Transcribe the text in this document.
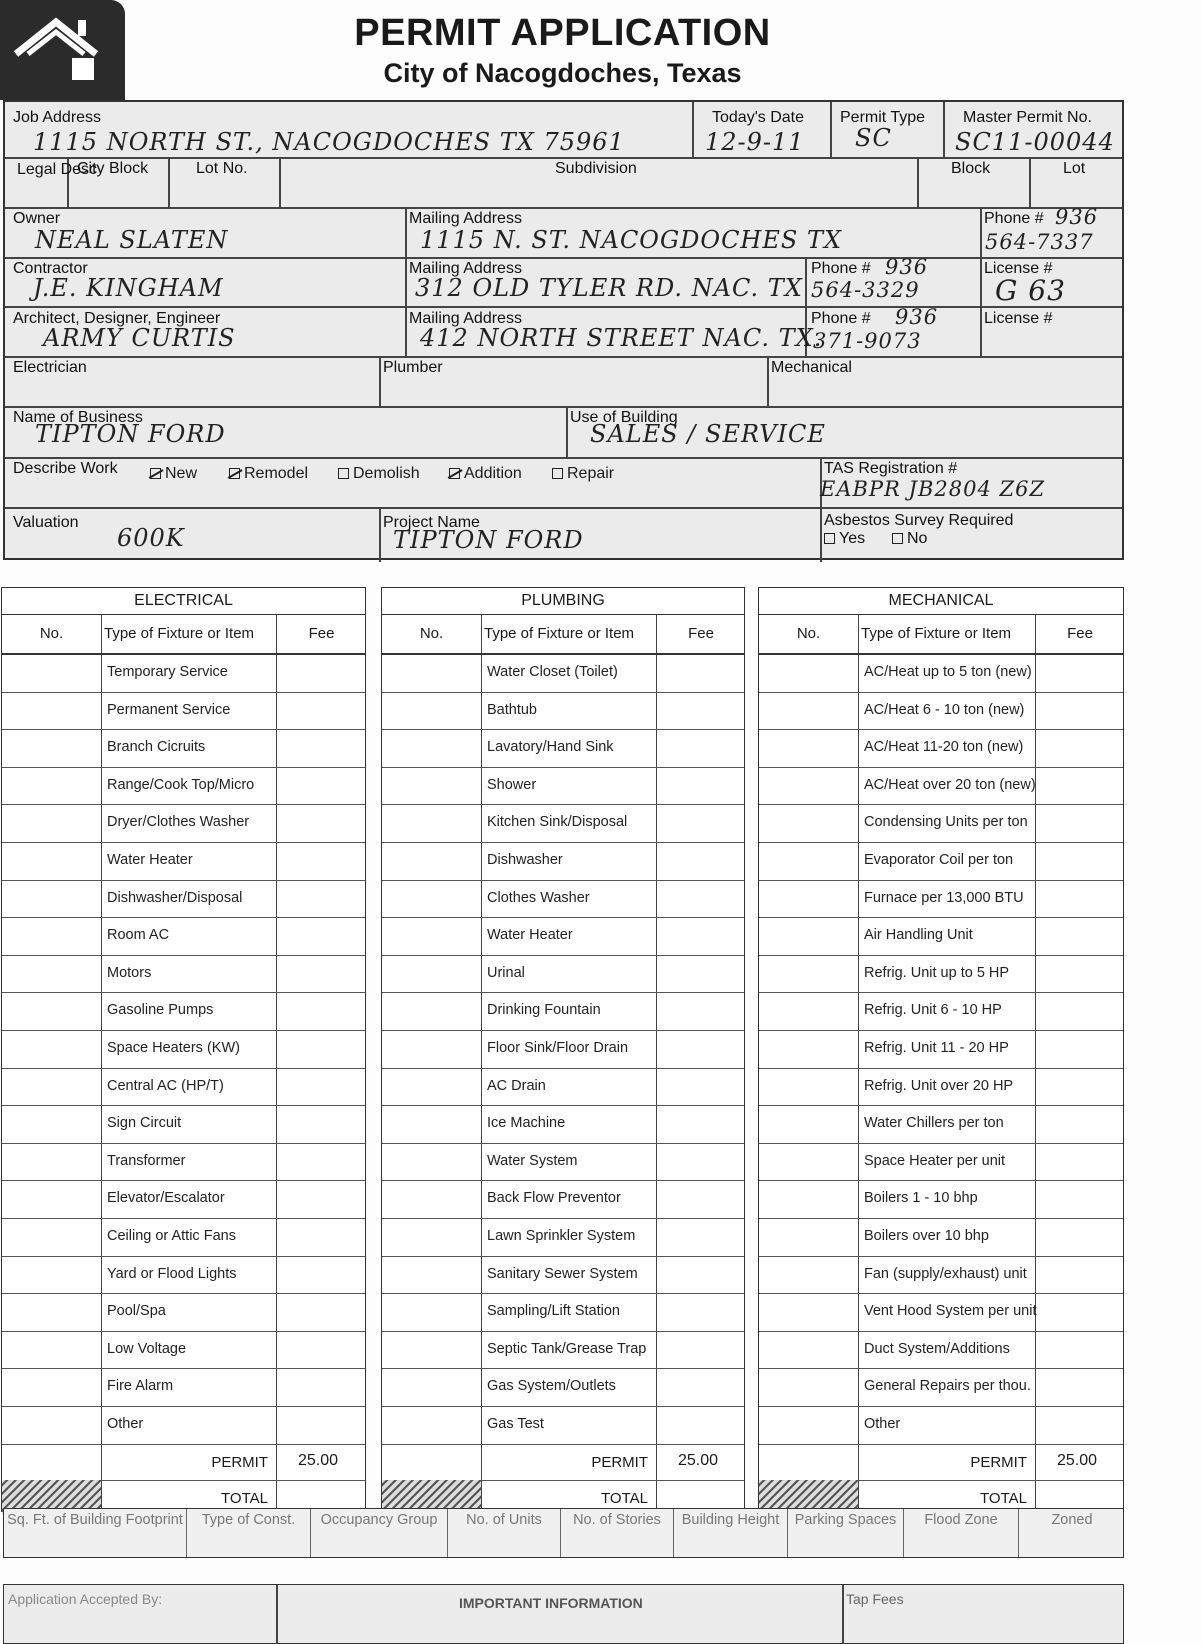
PERMIT APPLICATION
City of Nacogdoches, Texas
Job Address
1115 NORTH ST., NACOGDOCHES TX 75961
Today's Date
12-9-11
Permit Type
SC
Master Permit No.
SC11-00044
Legal Desc
City Block	Lot No.	Subdivision	Block	Lot
Owner
NEAL SLATEN
Mailing Address
1115 N. ST. NACOGDOCHES TX
Phone # 936
564-7337
Contractor
J.E. KINGHAM
Mailing Address
312 OLD TYLER RD. NAC. TX
Phone # 936
564-3329
License #
G 63
Architect, Designer, Engineer
ARMY CURTIS
Mailing Address
412 NORTH STREET NAC. TX.
Phone # 936
371-9073
License #
Electrician	Plumber	Mechanical
Name of Business
TIPTON FORD
Use of Building
SALES / SERVICE
Describe Work	TAS Registration #
EABPR JB2804 Z6Z
Valuation
600K
Project Name
TIPTON FORD
Asbestos Survey Required
Yes	No
New	Remodel	Demolish	Addition	Repair
ELECTRICAL
No.	Type of Fixture or Item	Fee
Temporary Service
Permanent Service
Branch Cicruits
Range/Cook Top/Micro
Dryer/Clothes Washer
Water Heater
Dishwasher/Disposal
Room AC
Motors
Gasoline Pumps
Space Heaters (KW)
Central AC (HP/T)
Sign Circuit
Transformer
Elevator/Escalator
Ceiling or Attic Fans
Yard or Flood Lights
Pool/Spa
Low Voltage
Fire Alarm
Other
PERMIT 25.00
TOTAL
PLUMBING
No.	Type of Fixture or Item	Fee
Water Closet (Toilet)
Bathtub
Lavatory/Hand Sink
Shower
Kitchen Sink/Disposal
Dishwasher
Clothes Washer
Water Heater
Urinal
Drinking Fountain
Floor Sink/Floor Drain
AC Drain
Ice Machine
Water System
Back Flow Preventor
Lawn Sprinkler System
Sanitary Sewer System
Sampling/Lift Station
Septic Tank/Grease Trap
Gas System/Outlets
Gas Test
PERMIT 25.00
TOTAL
MECHANICAL
No.	Type of Fixture or Item	Fee
AC/Heat up to 5 ton (new)
AC/Heat 6 - 10 ton (new)
AC/Heat 11-20 ton (new)
AC/Heat over 20 ton (new)
Condensing Units per ton
Evaporator Coil per ton
Furnace per 13,000 BTU
Air Handling Unit
Refrig. Unit up to 5 HP
Refrig. Unit 6 - 10 HP
Refrig. Unit 11 - 20 HP
Refrig. Unit over 20 HP
Water Chillers per ton
Space Heater per unit
Boilers 1 - 10 bhp
Boilers over 10 bhp
Fan (supply/exhaust) unit
Vent Hood System per unit
Duct System/Additions
General Repairs per thou.
Other
PERMIT 25.00
TOTAL
Sq. Ft. of Building Footprint	Type of Const.	Occupancy Group	No. of Units	No. of Stories	Building Height	Parking Spaces	Flood Zone	Zoned
Application Accepted By:	IMPORTANT INFORMATION	Tap Fees
